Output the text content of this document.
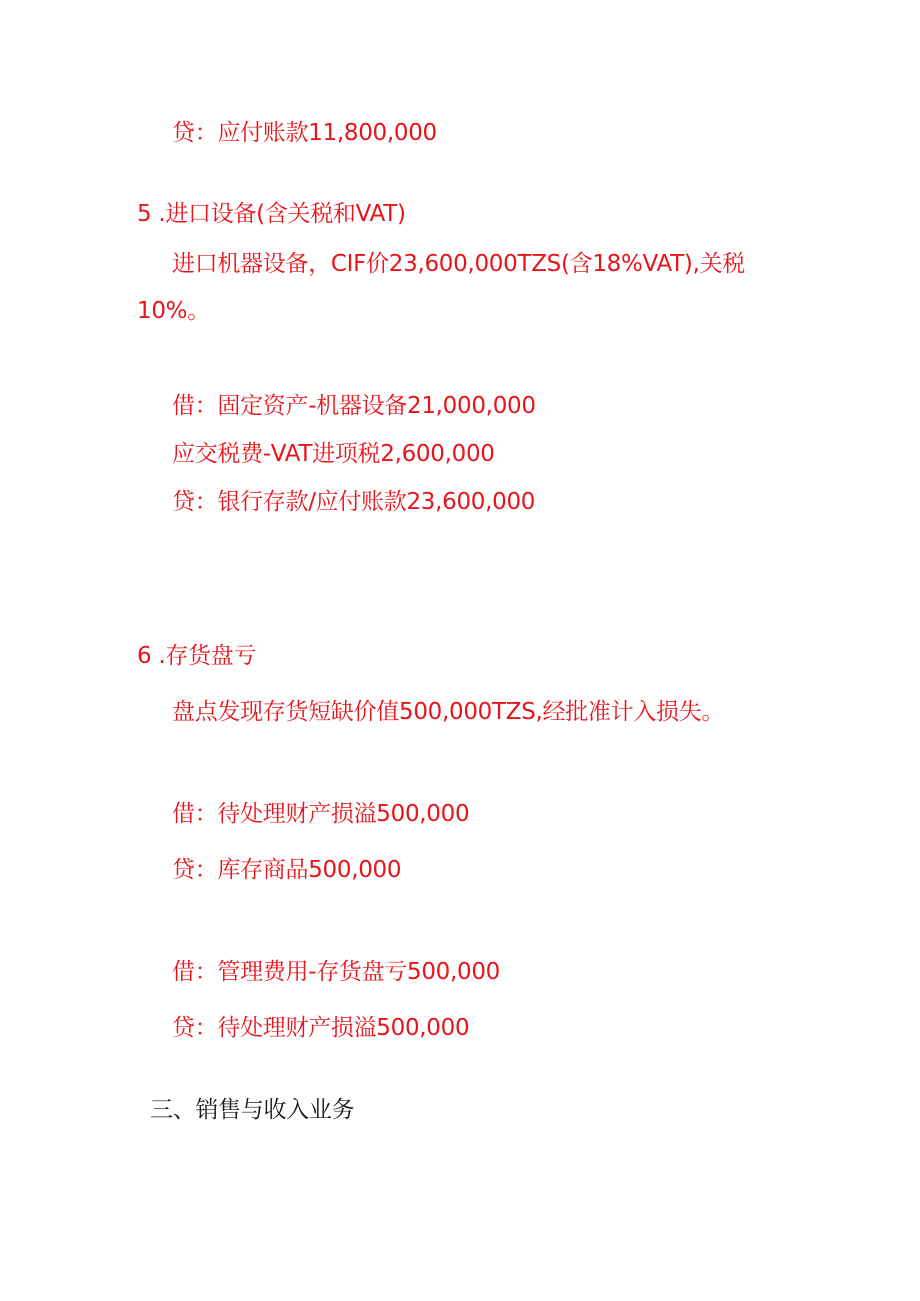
贷：应付账款11,800,000
5 .进口设备(含关税和VAT)
进口机器设备，CIF价23,600,000TZS(含18%VAT),关税
10%。
借：固定资产-机器设备21,000,000
应交税费-VAT进项税2,600,000
贷：银行存款/应付账款23,600,000
6 .存货盘亏
盘点发现存货短缺价值500,000TZS,经批准计入损失。
借：待处理财产损溢500,000
贷：库存商品500,000
借：管理费用-存货盘亏500,000
贷：待处理财产损溢500,000
三、销售与收入业务
